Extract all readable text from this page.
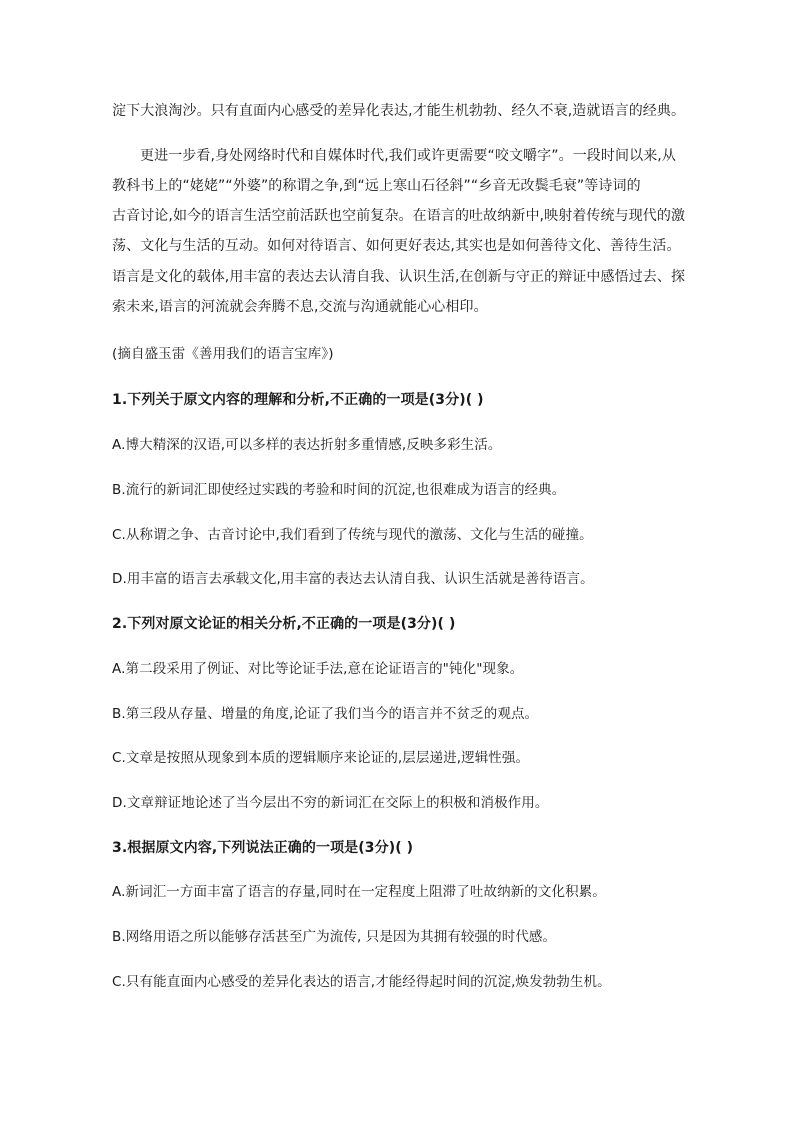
淀下大浪淘沙。只有直面内心感受的差异化表达,才能生机勃勃、经久不衰,造就语言的经典。
更进一步看,身处网络时代和自媒体时代,我们或许更需要“咬文嚼字”。一段时间以来,从
教科书上的“姥姥”“外婆”的称谓之争,到“远上寒山石径斜”“乡音无改鬓毛衰”等诗词的
古音讨论,如今的语言生活空前活跃也空前复杂。在语言的吐故纳新中,映射着传统与现代的激
荡、文化与生活的互动。如何对待语言、如何更好表达,其实也是如何善待文化、善待生活。
语言是文化的载体,用丰富的表达去认清自我、认识生活,在创新与守正的辩证中感悟过去、探
索未来,语言的河流就会奔腾不息,交流与沟通就能心心相印。
(摘自盛玉雷《善用我们的语言宝库》)
1.下列关于原文内容的理解和分析,不正确的一项是(3分)( )
A.博大精深的汉语,可以多样的表达折射多重情感,反映多彩生活。
B.流行的新词汇即使经过实践的考验和时间的沉淀,也很难成为语言的经典。
C.从称谓之争、古音讨论中,我们看到了传统与现代的激荡、文化与生活的碰撞。
D.用丰富的语言去承载文化,用丰富的表达去认清自我、认识生活就是善待语言。
2.下列对原文论证的相关分析,不正确的一项是(3分)( )
A.第二段采用了例证、对比等论证手法,意在论证语言的"钝化"现象。
B.第三段从存量、增量的角度,论证了我们当今的语言并不贫乏的观点。
C.文章是按照从现象到本质的逻辑顺序来论证的,层层递进,逻辑性强。
D.文章辩证地论述了当今层出不穷的新词汇在交际上的积极和消极作用。
3.根据原文内容,下列说法正确的一项是(3分)( )
A.新词汇一方面丰富了语言的存量,同时在一定程度上阻滞了吐故纳新的文化积累。
B.网络用语之所以能够存活甚至广为流传, 只是因为其拥有较强的时代感。
C.只有能直面内心感受的差异化表达的语言,才能经得起时间的沉淀,焕发勃勃生机。
